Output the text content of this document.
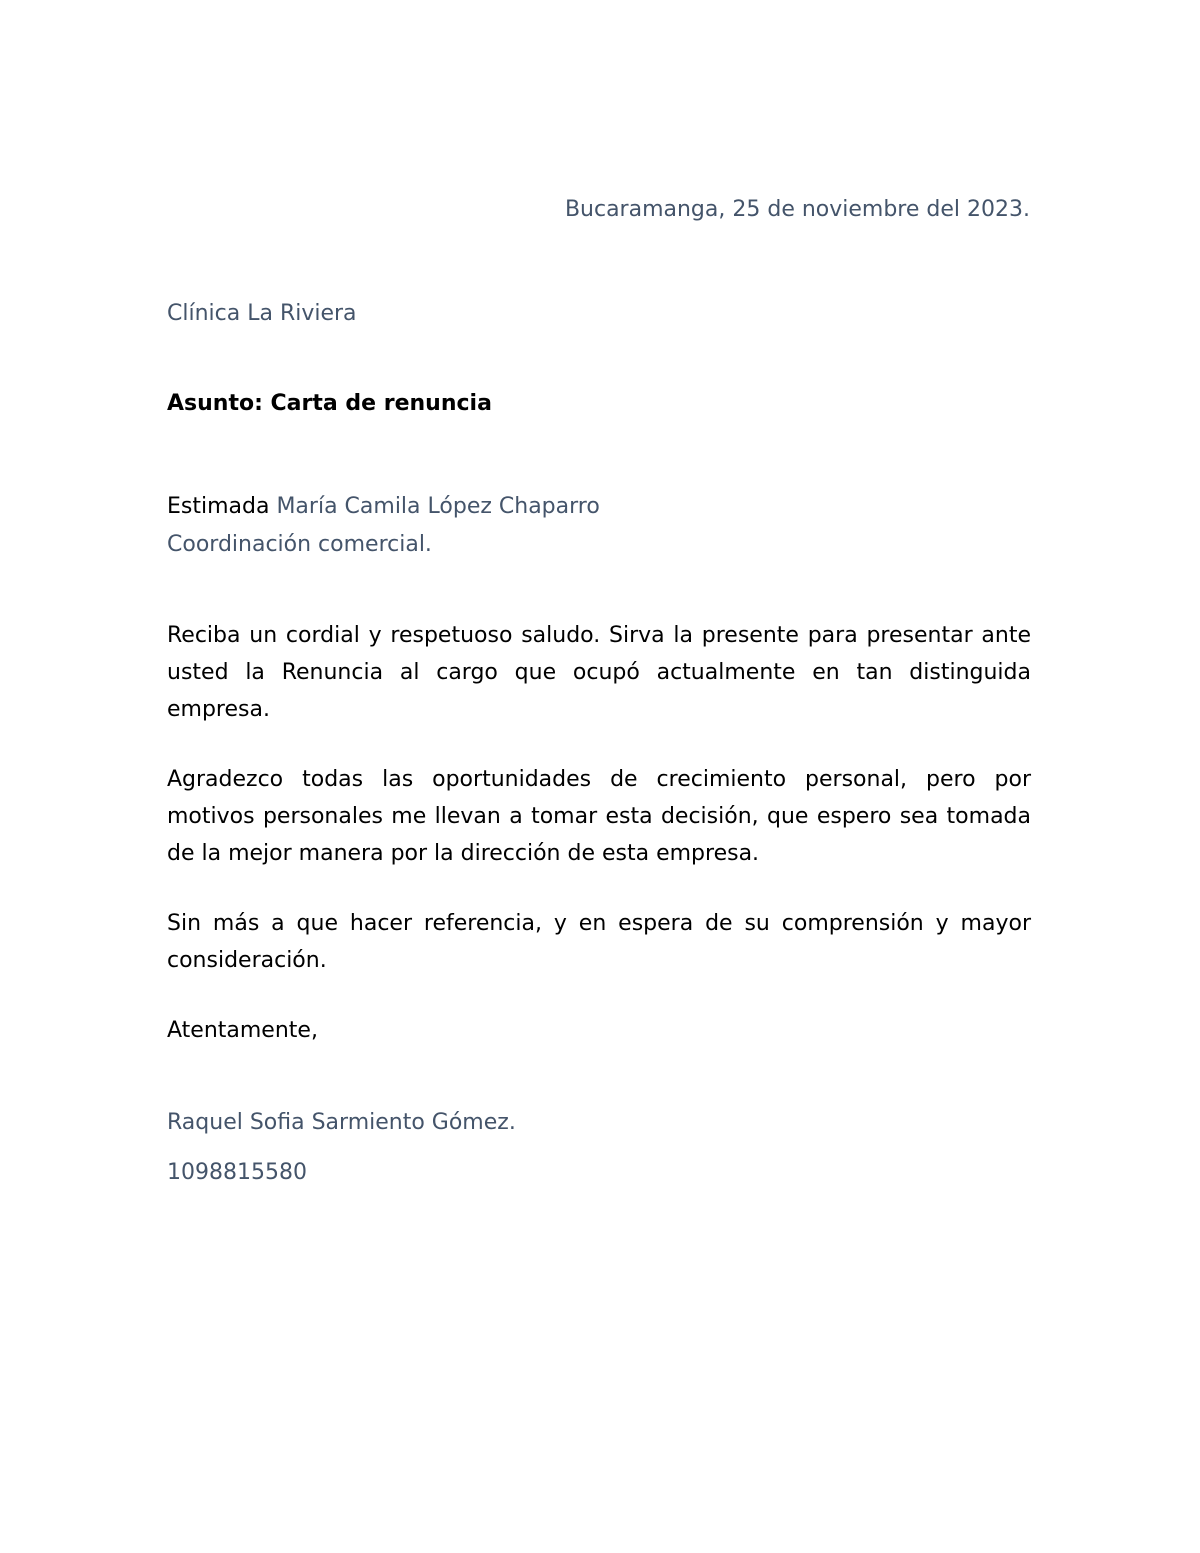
Bucaramanga, 25 de noviembre del 2023.
Clínica La Riviera
Asunto: Carta de renuncia
Estimada María Camila López Chaparro
Coordinación comercial.
Reciba un cordial y respetuoso saludo. Sirva la presente para presentar ante
usted la Renuncia al cargo que ocupó actualmente en tan distinguida
empresa.
Agradezco todas las oportunidades de crecimiento personal, pero por
motivos personales me llevan a tomar esta decisión, que espero sea tomada
de la mejor manera por la dirección de esta empresa.
Sin más a que hacer referencia, y en espera de su comprensión y mayor
consideración.
Atentamente,
Raquel Sofia Sarmiento Gómez.
1098815580
